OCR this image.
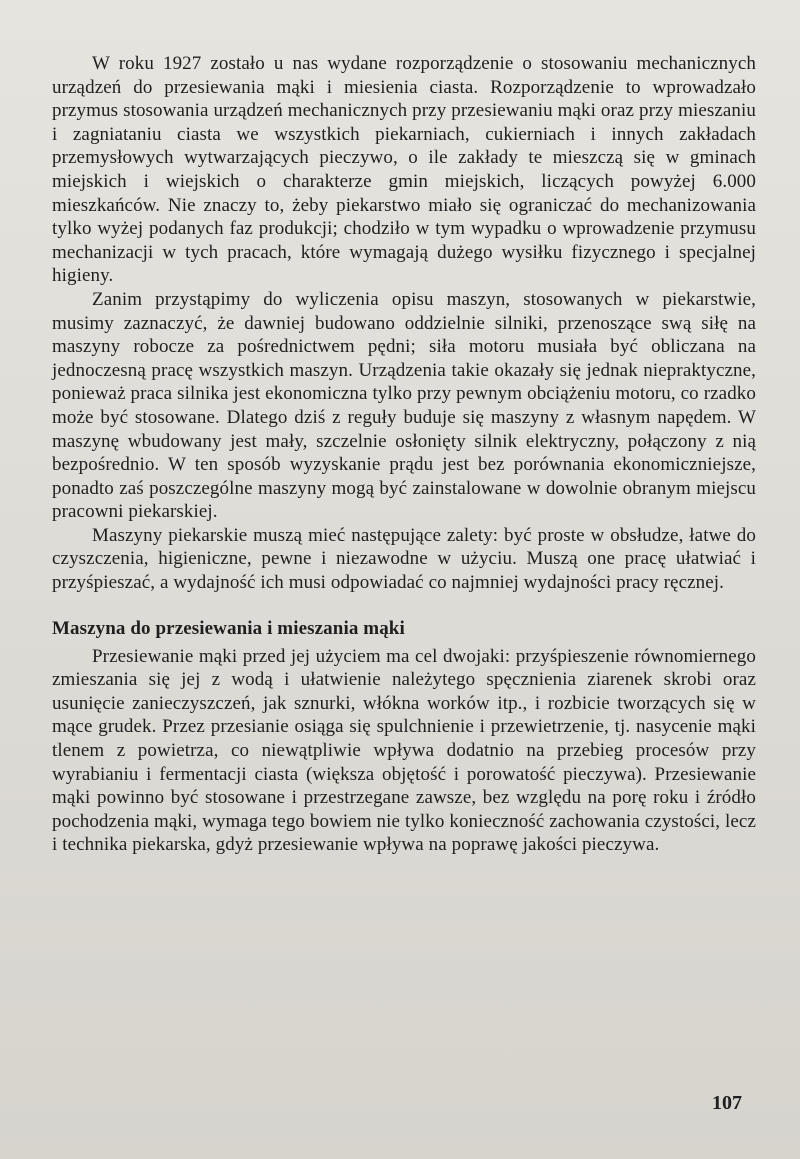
W roku 1927 zostało u nas wydane rozporządzenie o stosowaniu mechanicznych urządzeń do przesiewania mąki i miesienia ciasta. Rozporządzenie to wprowadzało przymus stosowania urządzeń mechanicznych przy przesiewaniu mąki oraz przy mieszaniu i zagniataniu ciasta we wszystkich piekarniach, cukierniach i innych zakładach przemysłowych wytwarzających pieczywo, o ile zakłady te mieszczą się w gminach miejskich i wiejskich o charakterze gmin miejskich, liczących powyżej 6.000 mieszkańców. Nie znaczy to, żeby piekarstwo miało się ograniczać do mechanizowania tylko wyżej podanych faz produkcji; chodziło w tym wypadku o wprowadzenie przymusu mechanizacji w tych pracach, które wymagają dużego wysiłku fizycznego i specjalnej higieny.

Zanim przystąpimy do wyliczenia opisu maszyn, stosowanych w piekarstwie, musimy zaznaczyć, że dawniej budowano oddzielnie silniki, przenoszące swą siłę na maszyny robocze za pośrednictwem pędni; siła motoru musiała być obliczana na jednoczesną pracę wszystkich maszyn. Urządzenia takie okazały się jednak niepraktyczne, ponieważ praca silnika jest ekonomiczna tylko przy pewnym obciążeniu motoru, co rzadko może być stosowane. Dlatego dziś z reguły buduje się maszyny z własnym napędem. W maszynę wbudowany jest mały, szczelnie osłonięty silnik elektryczny, połączony z nią bezpośrednio. W ten sposób wyzyskanie prądu jest bez porównania ekonomiczniejsze, ponadto zaś poszczególne maszyny mogą być zainstalowane w dowolnie obranym miejscu pracowni piekarskiej.

Maszyny piekarskie muszą mieć następujące zalety: być proste w obsłudze, łatwe do czyszczenia, higieniczne, pewne i niezawodne w użyciu. Muszą one pracę ułatwiać i przyśpieszać, a wydajność ich musi odpowiadać co najmniej wydajności pracy ręcznej.

Maszyna do przesiewania i mieszania mąki

Przesiewanie mąki przed jej użyciem ma cel dwojaki: przyśpieszenie równomiernego zmieszania się jej z wodą i ułatwienie należytego spęcznienia ziarenek skrobi oraz usunięcie zanieczyszczeń, jak sznurki, włókna worków itp., i rozbicie tworzących się w mące grudek. Przez przesianie osiąga się spulchnienie i przewietrzenie, tj. nasycenie mąki tlenem z powietrza, co niewątpliwie wpływa dodatnio na przebieg procesów przy wyrabianiu i fermentacji ciasta (większa objętość i porowatość pieczywa). Przesiewanie mąki powinno być stosowane i przestrzegane zawsze, bez względu na porę roku i źródło pochodzenia mąki, wymaga tego bowiem nie tylko konieczność zachowania czystości, lecz i technika piekarska, gdyż przesiewanie wpływa na poprawę jakości pieczywa.

107
